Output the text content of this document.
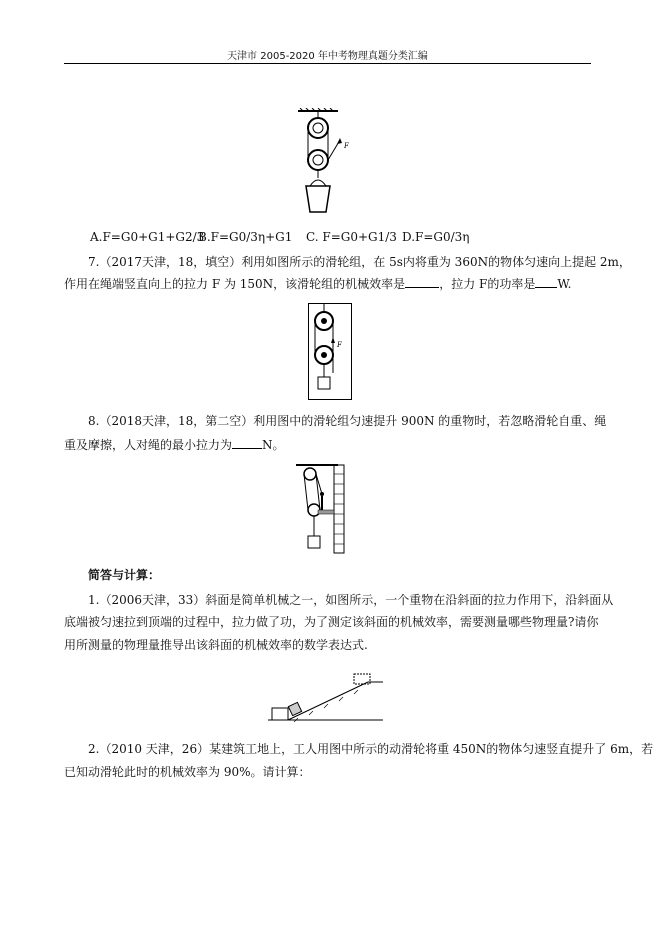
天津市 2005-2020 年中考物理真题分类汇编
F
A.F=G0+G1+G2/3
B.F=G0/3η+G1 C. F=G0+G1/3 D.F=G0/3η
7.（2017天津，18，填空）利用如图所示的滑轮组，在 5s内将重为 360N的物体匀速向上提起 2m，
作用在绳端竖直向上的拉力 F 为 150N，该滑轮组的机械效率是	，拉力 F的功率是 W.
F
8.（2018天津，18，第二空）利用图中的滑轮组匀速提升 900N 的重物时，若忽略滑轮自重、绳
重及摩擦，人对绳的最小拉力为	N。
简答与计算：
1.（2006天津，33）斜面是简单机械之一，如图所示，一个重物在沿斜面的拉力作用下，沿斜面从
底端被匀速拉到顶端的过程中，拉力做了功，为了测定该斜面的机械效率，需要测量哪些物理量?请你
用所测量的物理量推导出该斜面的机械效率的数学表达式.
2.（2010 天津，26）某建筑工地上，工人用图中所示的动滑轮将重 450N的物体匀速竖直提升了 6m，若
已知动滑轮此时的机械效率为 90%。请计算：
